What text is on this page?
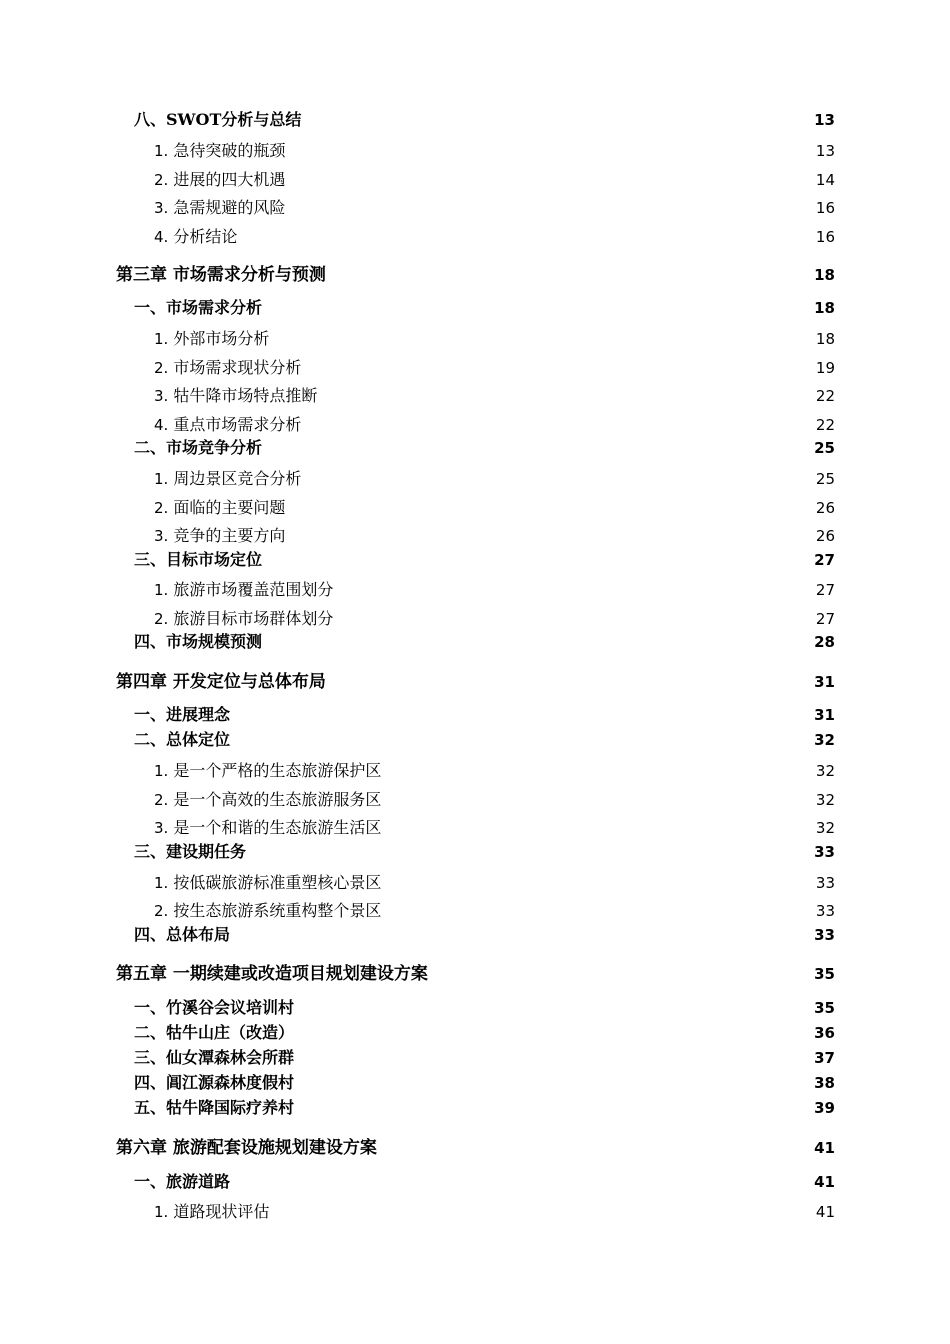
八、SWOT分析与总结	13
1. 急待突破的瓶颈	13
2. 进展的四大机遇	14
3. 急需规避的风险	16
4. 分析结论	16
第三章 市场需求分析与预测	18
一、市场需求分析	18
1. 外部市场分析	18
2. 市场需求现状分析	19
3. 牯牛降市场特点推断	22
4. 重点市场需求分析	22
二、市场竞争分析	25
1. 周边景区竞合分析	25
2. 面临的主要问题	26
3. 竞争的主要方向	26
三、目标市场定位	27
1. 旅游市场覆盖范围划分	27
2. 旅游目标市场群体划分	27
四、市场规模预测	28
第四章 开发定位与总体布局	31
一、进展理念	31
二、总体定位	32
1. 是一个严格的生态旅游保护区	32
2. 是一个高效的生态旅游服务区	32
3. 是一个和谐的生态旅游生活区	32
三、建设期任务	33
1. 按低碳旅游标准重塑核心景区	33
2. 按生态旅游系统重构整个景区	33
四、总体布局	33
第五章 一期续建或改造项目规划建设方案	35
一、竹溪谷会议培训村	35
二、牯牛山庄（改造）	36
三、仙女潭森林会所群	37
四、阊江源森林度假村	38
五、牯牛降国际疗养村	39
第六章 旅游配套设施规划建设方案	41
一、旅游道路	41
1. 道路现状评估	41
